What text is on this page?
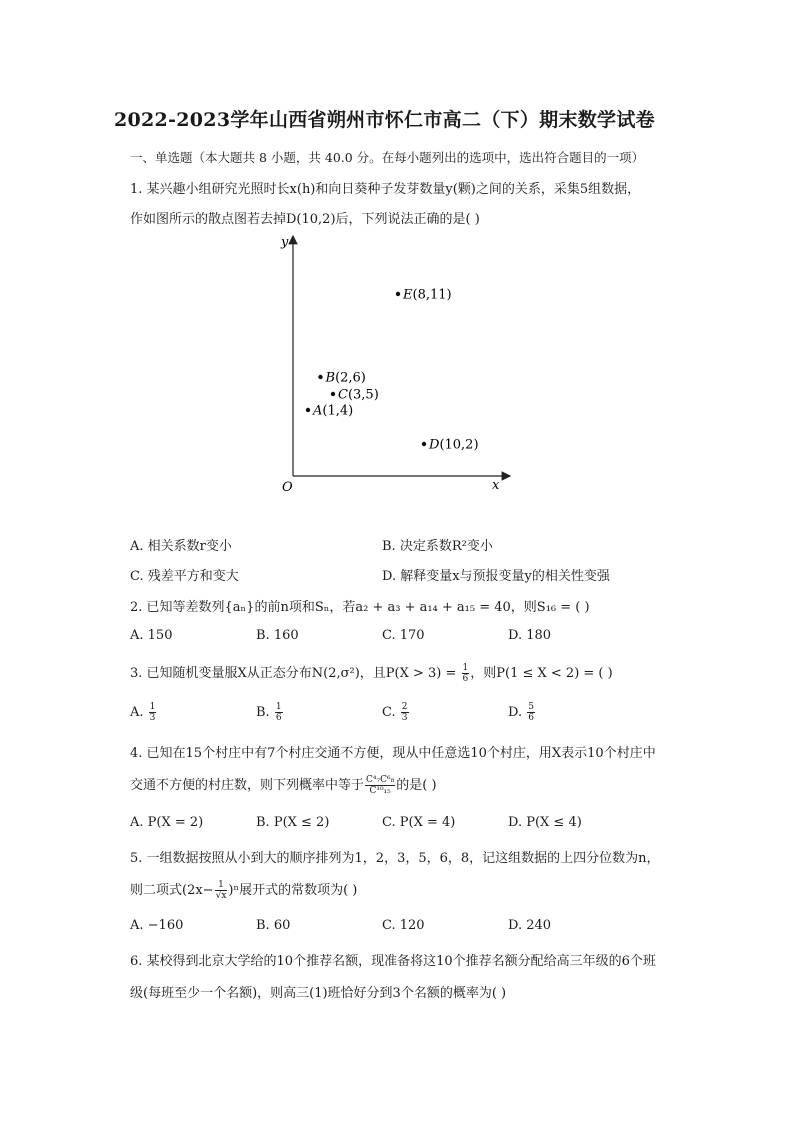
2022-2023学年山西省朔州市怀仁市高二（下）期末数学试卷
一、单选题（本大题共 8 小题，共 40.0 分。在每小题列出的选项中，选出符合题目的一项）
1. 某兴趣小组研究光照时长x(h)和向日葵种子发芽数量y(颗)之间的关系，采集5组数据，
作如图所示的散点图若去掉D(10,2)后，下列说法正确的是( )
O	x
y
A(1,4)
B(2,6)
C(3,5)
D(10,2)
E(8,11)
A. 相关系数r变小	B. 决定系数R²变小
C. 残差平方和变大	D. 解释变量x与预报变量y的相关性变强
2. 已知等差数列{aₙ}的前n项和Sₙ，若a₂ + a₃ + a₁₄ + a₁₅ = 40，则S₁₆ = ( )
A. 150	B. 160	C. 170	D. 180
3. 已知随机变量服X从正态分布N(2,σ²)，且$P(X > 3) = \frac{1}{6}$ ，则P(1 ≤ X < 2) = ( )
A. $\frac{1}{3}$	B. $\frac{1}{6}$	C. $\frac{2}{3}$	D. $\frac{5}{6}$
4. 已知在15个村庄中有7个村庄交通不方便，现从中任意选10个村庄，用X表示10个村庄中
交通不方便的村庄数，则下列概率中等于 $\frac{\text{C⁴₇C⁶₈}}{\text{C¹⁰₁₅}}$ 的是( )
A. P(X = 2)	B. P(X ≤ 2)	C. P(X = 4)	D. P(X ≤ 4)
5. 一组数据按照从小到大的顺序排列为1，2，3，5，6，8，记这组数据的上四分位数为n，
则二项式$(2x- \frac{1}{√x} )^n$展开式的常数项为( )
A. −160	B. 60	C. 120	D. 240
6. 某校得到北京大学给的10个推荐名额，现准备将这10个推荐名额分配给高三年级的6个班
级(每班至少一个名额)，则高三(1)班恰好分到3个名额的概率为( )
